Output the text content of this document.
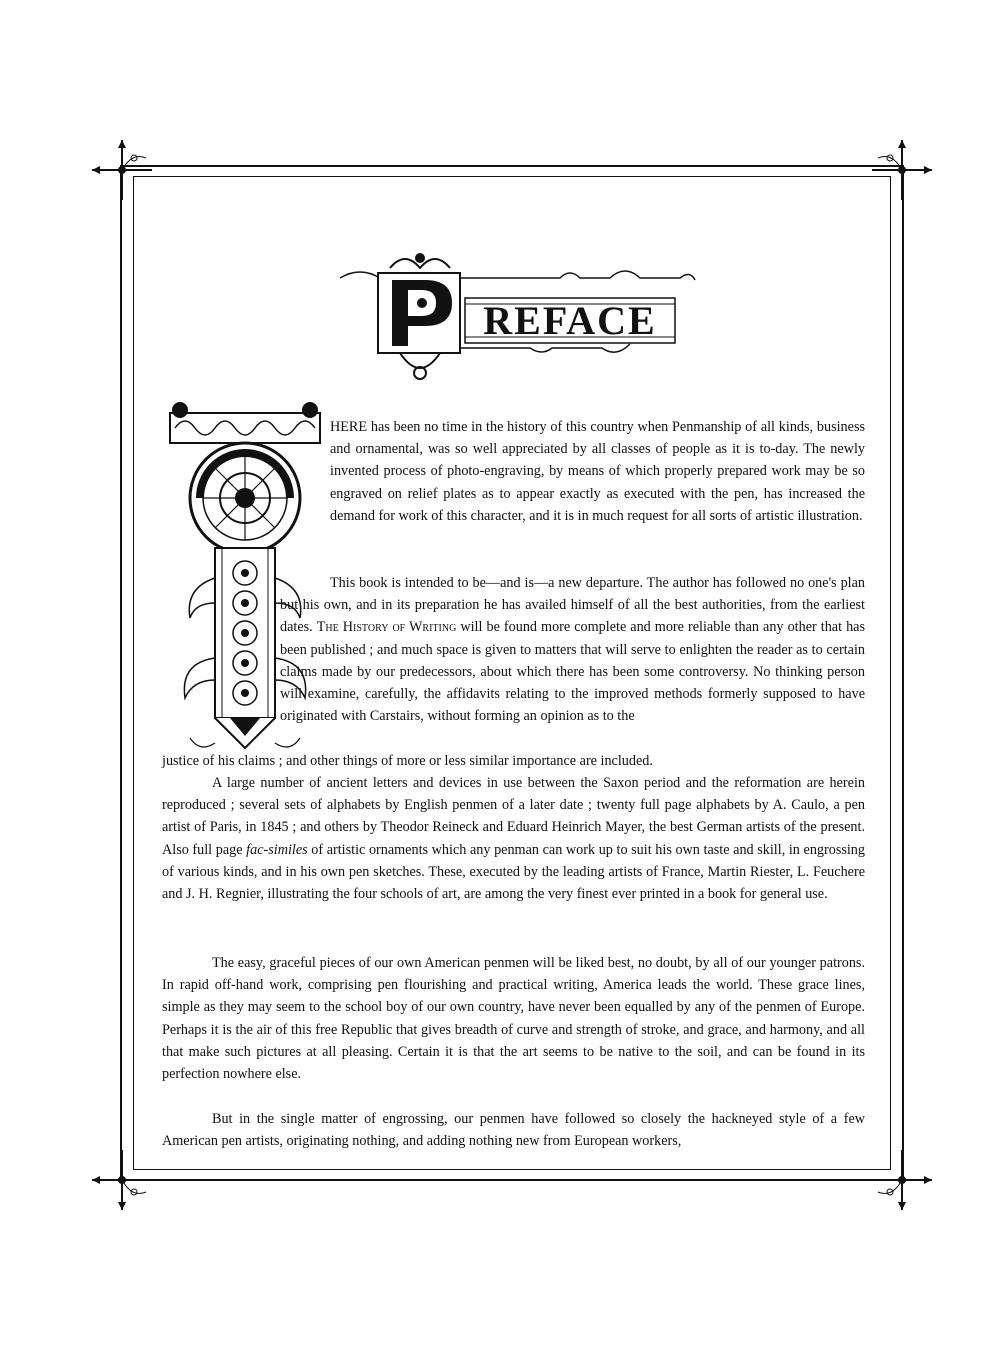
REFACE

HERE has been no time in the history of this country when Penmanship of all kinds, business and ornamental, was so well appreciated by all classes of people as it is to-day. The newly invented process of photo-engraving, by means of which properly prepared work may be so engraved on relief plates as to appear exactly as executed with the pen, has increased the demand for work of this character, and it is in much request for all sorts of artistic illustration.

This book is intended to be—and is—a new departure. The author has followed no one's plan but his own, and in its preparation he has availed himself of all the best authorities, from the earliest dates. The History of Writing will be found more complete and more reliable than any other that has been published ; and much space is given to matters that will serve to enlighten the reader as to certain claims made by our predecessors, about which there has been some controversy. No thinking person will examine, carefully, the affidavits relating to the improved methods formerly supposed to have originated with Carstairs, without forming an opinion as to the

justice of his claims ; and other things of more or less similar importance are included.

A large number of ancient letters and devices in use between the Saxon period and the reformation are herein reproduced ; several sets of alphabets by English penmen of a later date ; twenty full page alphabets by A. Caulo, a pen artist of Paris, in 1845 ; and others by Theodor Reineck and Eduard Heinrich Mayer, the best German artists of the present. Also full page fac-similes of artistic ornaments which any penman can work up to suit his own taste and skill, in engrossing of various kinds, and in his own pen sketches. These, executed by the leading artists of France, Martin Riester, L. Feuchere and J. H. Regnier, illustrating the four schools of art, are among the very finest ever printed in a book for general use.

The easy, graceful pieces of our own American penmen will be liked best, no doubt, by all of our younger patrons. In rapid off-hand work, comprising pen flourishing and practical writing, America leads the world. These grace lines, simple as they may seem to the school boy of our own country, have never been equalled by any of the penmen of Europe. Perhaps it is the air of this free Republic that gives breadth of curve and strength of stroke, and grace, and harmony, and all that make such pictures at all pleasing. Certain it is that the art seems to be native to the soil, and can be found in its perfection nowhere else.

But in the single matter of engrossing, our penmen have followed so closely the hackneyed style of a few American pen artists, originating nothing, and adding nothing new from European workers,
